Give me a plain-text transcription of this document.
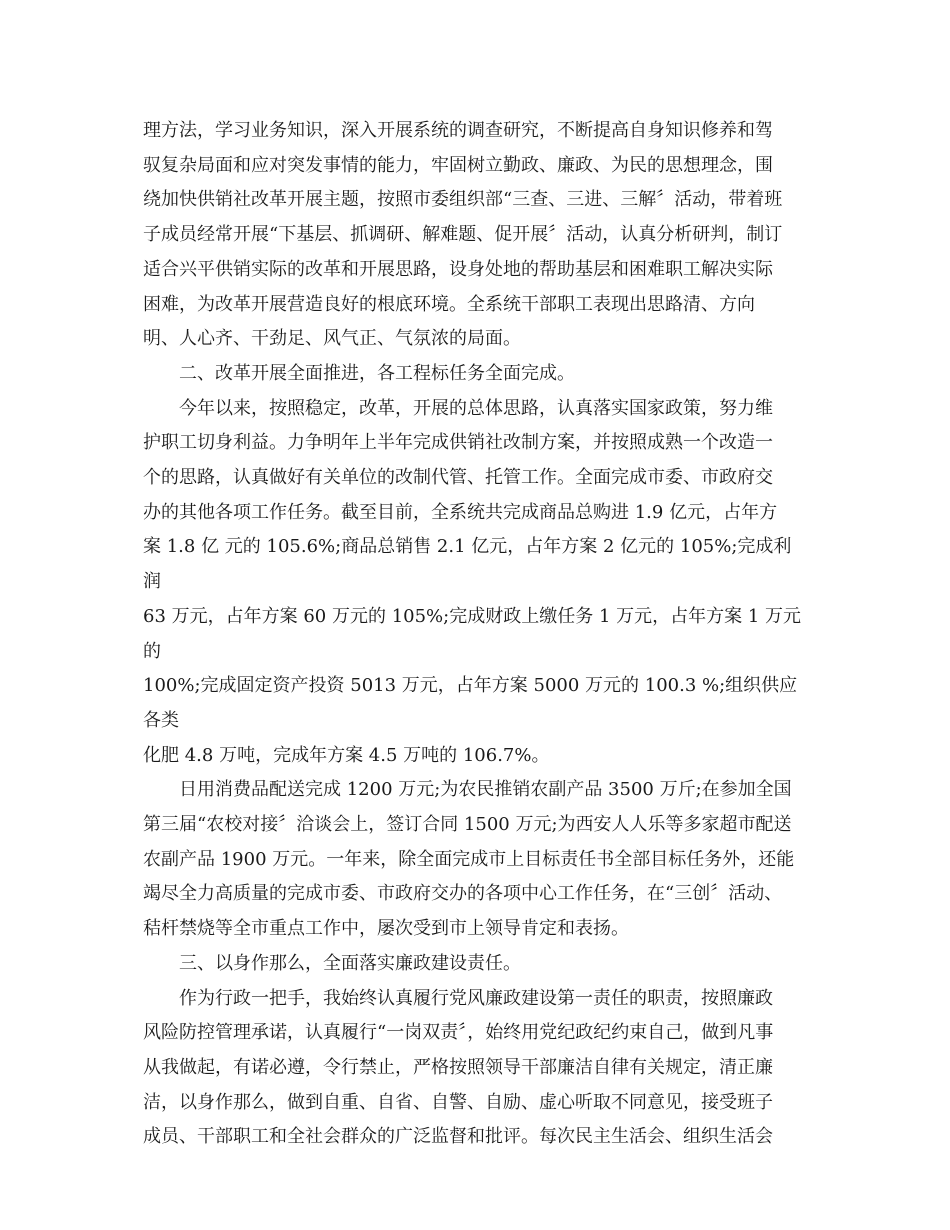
理方法，学习业务知识，深入开展系统的调查研究，不断提高自身知识修养和驾
驭复杂局面和应对突发事情的能力，牢固树立勤政、廉政、为民的思想理念，围
绕加快供销社改革开展主题，按照市委组织部“三查、三进、三解〞活动，带着班
子成员经常开展“下基层、抓调研、解难题、促开展〞活动，认真分析研判，制订
适合兴平供销实际的改革和开展思路，设身处地的帮助基层和困难职工解决实际
困难，为改革开展营造良好的根底环境。全系统干部职工表现出思路清、方向
明、人心齐、干劲足、风气正、气氛浓的局面。

二、改革开展全面推进，各工程标任务全面完成。

今年以来，按照稳定，改革，开展的总体思路，认真落实国家政策，努力维
护职工切身利益。力争明年上半年完成供销社改制方案，并按照成熟一个改造一
个的思路，认真做好有关单位的改制代管、托管工作。全面完成市委、市政府交
办的其他各项工作任务。截至目前，全系统共完成商品总购进 1.9 亿元，占年方
案 1.8 亿 元的 105.6%;商品总销售 2.1 亿元，占年方案 2 亿元的 105%;完成利润
63 万元，占年方案 60 万元的 105%;完成财政上缴任务 1 万元，占年方案 1 万元的
100%;完成固定资产投资 5013 万元，占年方案 5000 万元的 100.3 %;组织供应各类
化肥 4.8 万吨，完成年方案 4.5 万吨的 106.7%。

日用消费品配送完成 1200 万元;为农民推销农副产品 3500 万斤;在参加全国
第三届“农校对接〞洽谈会上，签订合同 1500 万元;为西安人人乐等多家超市配送
农副产品 1900 万元。一年来，除全面完成市上目标责任书全部目标任务外，还能
竭尽全力高质量的完成市委、市政府交办的各项中心工作任务，在“三创〞活动、
秸杆禁烧等全市重点工作中，屡次受到市上领导肯定和表扬。

三、以身作那么，全面落实廉政建设责任。

作为行政一把手，我始终认真履行党风廉政建设第一责任的职责，按照廉政
风险防控管理承诺，认真履行“一岗双责〞，始终用党纪政纪约束自己，做到凡事
从我做起，有诺必遵，令行禁止，严格按照领导干部廉洁自律有关规定，清正廉
洁，以身作那么，做到自重、自省、自警、自励、虚心听取不同意见，接受班子
成员、干部职工和全社会群众的广泛监督和批评。每次民主生活会、组织生活会
